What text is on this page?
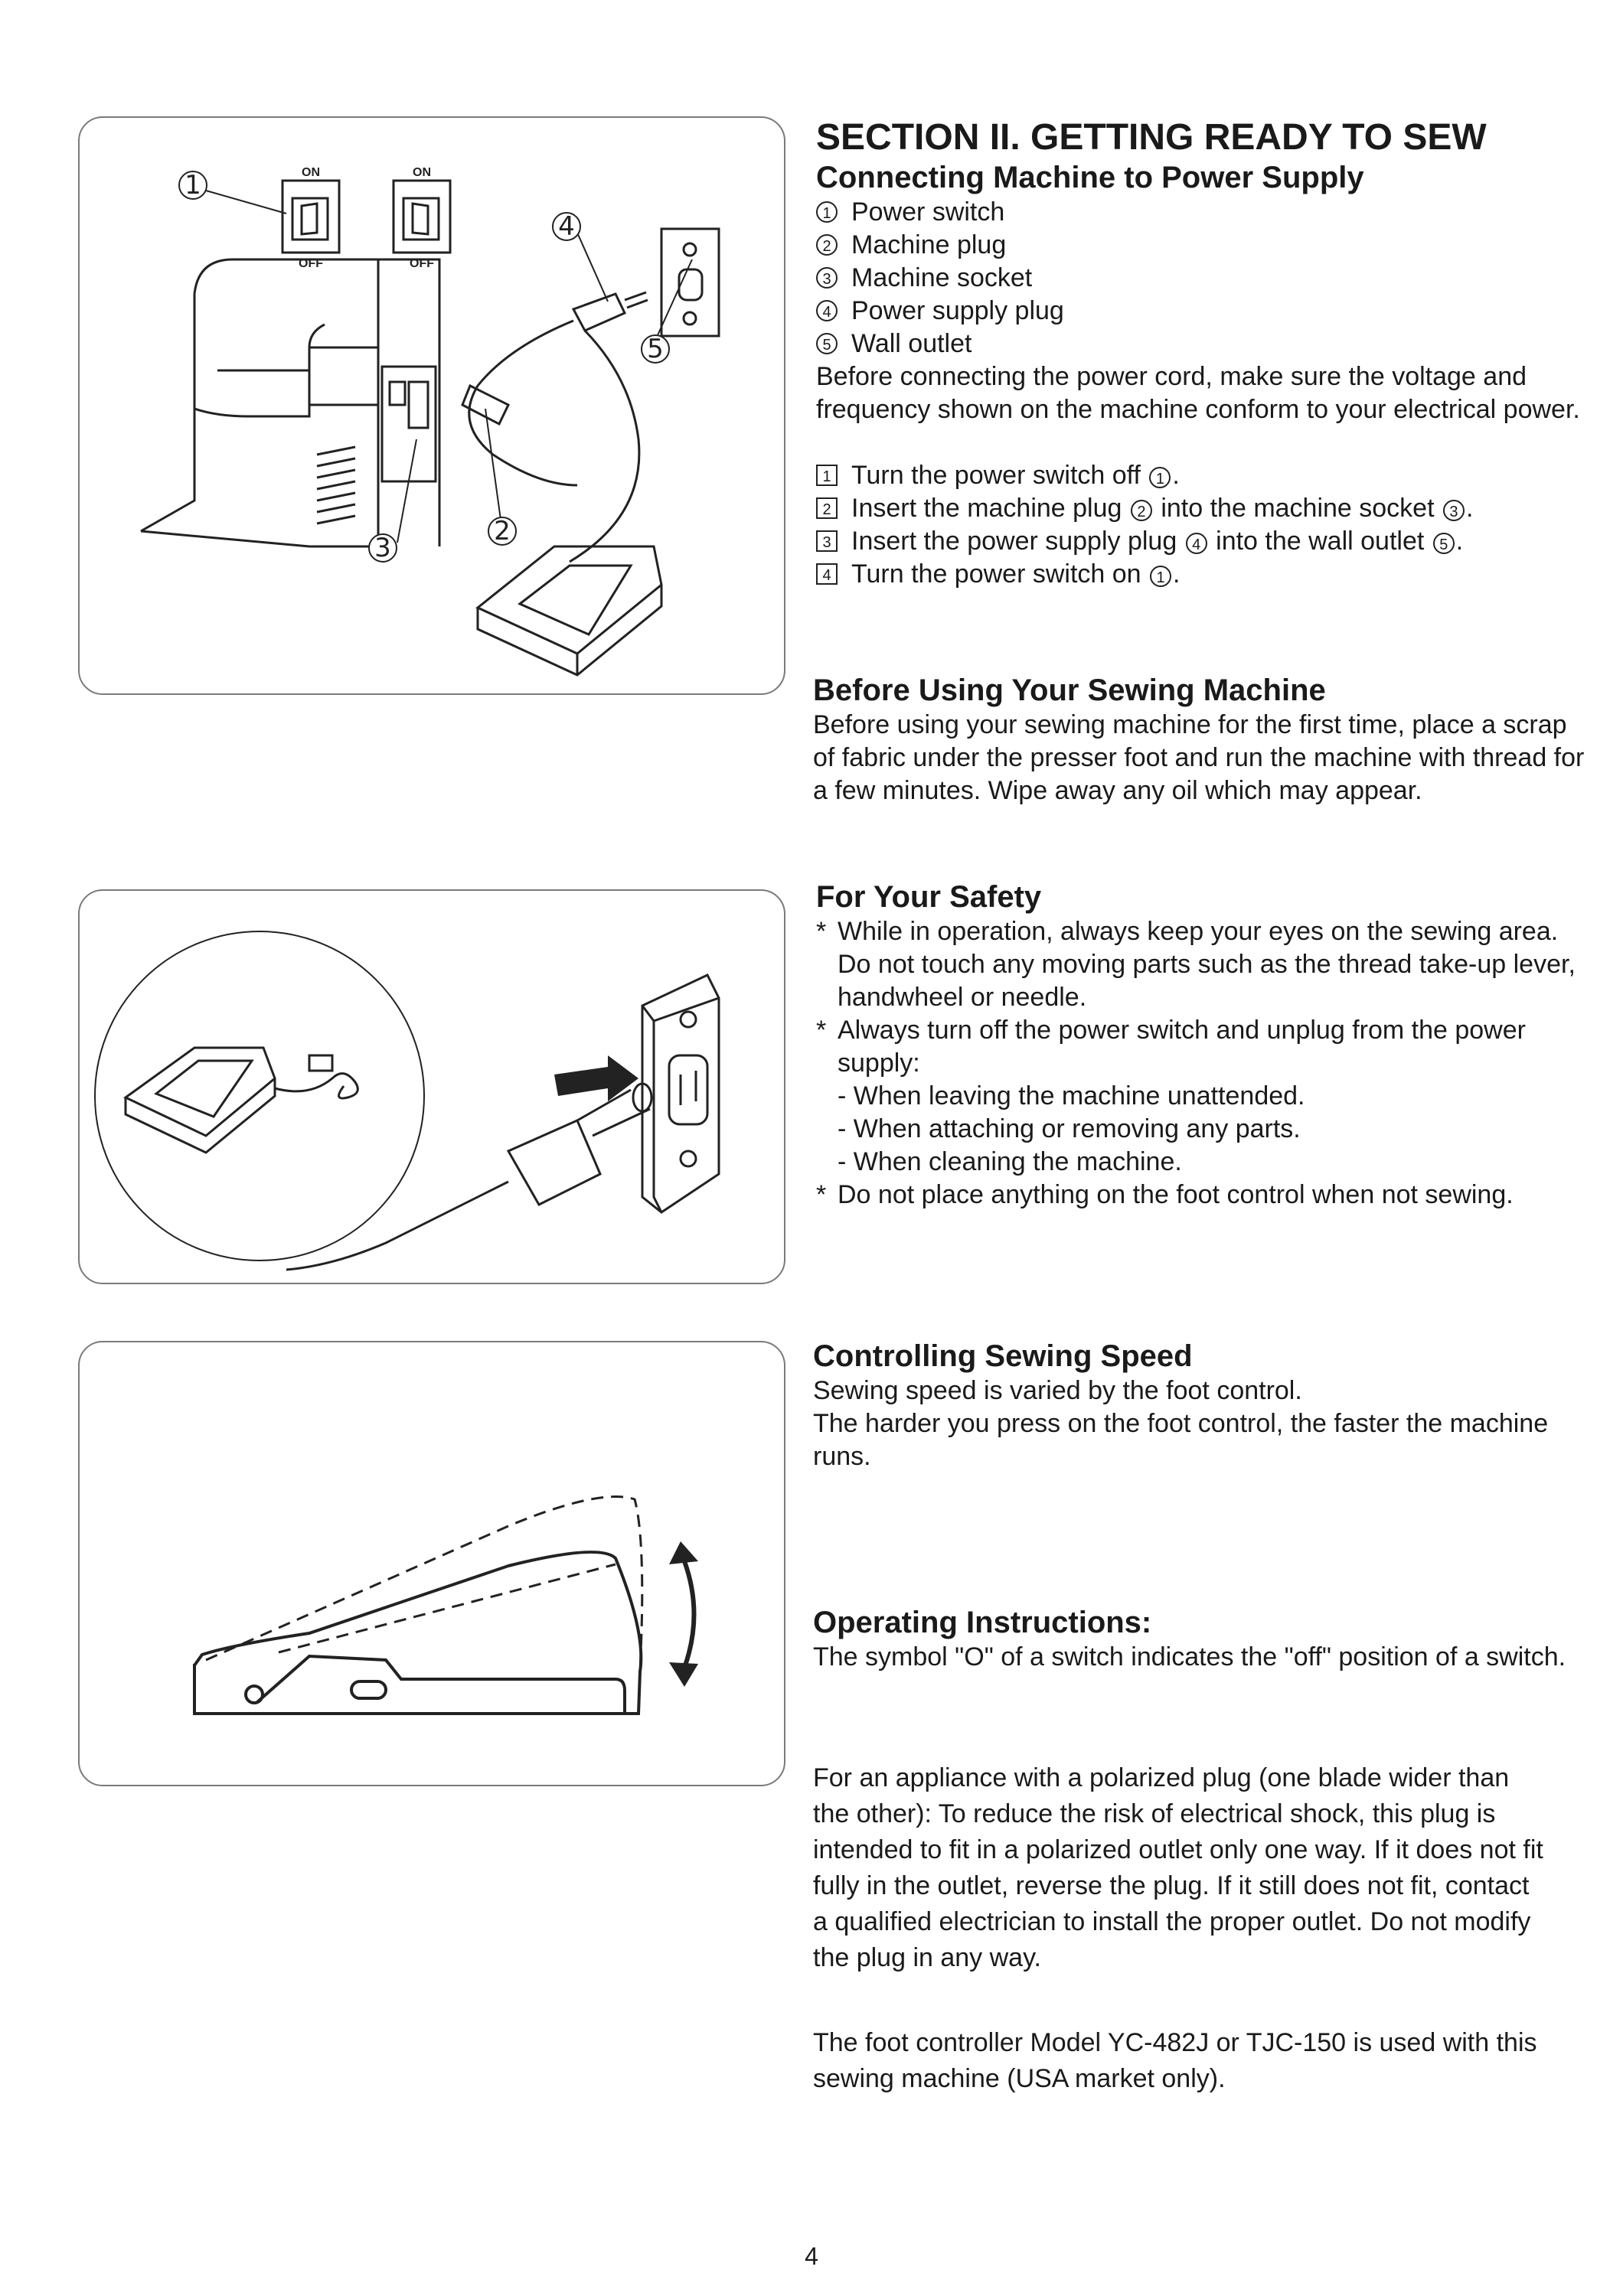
1
4
5
3
2
ON
OFF
ON
OFF
SECTION II. GETTING READY TO SEW
Connecting Machine to Power Supply
1 Power switch
2 Machine plug
3 Machine socket
4 Power supply plug
5 Wall outlet

Before connecting the power cord, make sure the voltage and frequency shown on the machine conform to your electrical power.

1 Turn the power switch off 1 .
2 Insert the machine plug 2 into the machine socket 3 .
3 Insert the power supply plug 4 into the wall outlet 5 .
4 Turn the power switch on 1 .
Before Using Your Sewing Machine

Before using your sewing machine for the first time, place a scrap of fabric under the presser foot and run the machine with thread for a few minutes. Wipe away any oil which may appear.

For Your Safety
* While in operation, always keep your eyes on the sewing area. Do not touch any moving parts such as the thread take-up lever, handwheel or needle.
* Always turn off the power switch and unplug from the power supply:
- When leaving the machine unattended.
- When attaching or removing any parts.
- When cleaning the machine.
* Do not place anything on the foot control when not sewing.
Controlling Sewing Speed

Sewing speed is varied by the foot control.

The harder you press on the foot control, the faster the machine runs.

Operating Instructions:

The symbol "O" of a switch indicates the "off" position of a switch.

For an appliance with a polarized plug (one blade wider than the other): To reduce the risk of electrical shock, this plug is intended to fit in a polarized outlet only one way. If it does not fit fully in the outlet, reverse the plug. If it still does not fit, contact a qualified electrician to install the proper outlet. Do not modify the plug in any way.

The foot controller Model YC-482J or TJC-150 is used with this sewing machine (USA market only).

4
